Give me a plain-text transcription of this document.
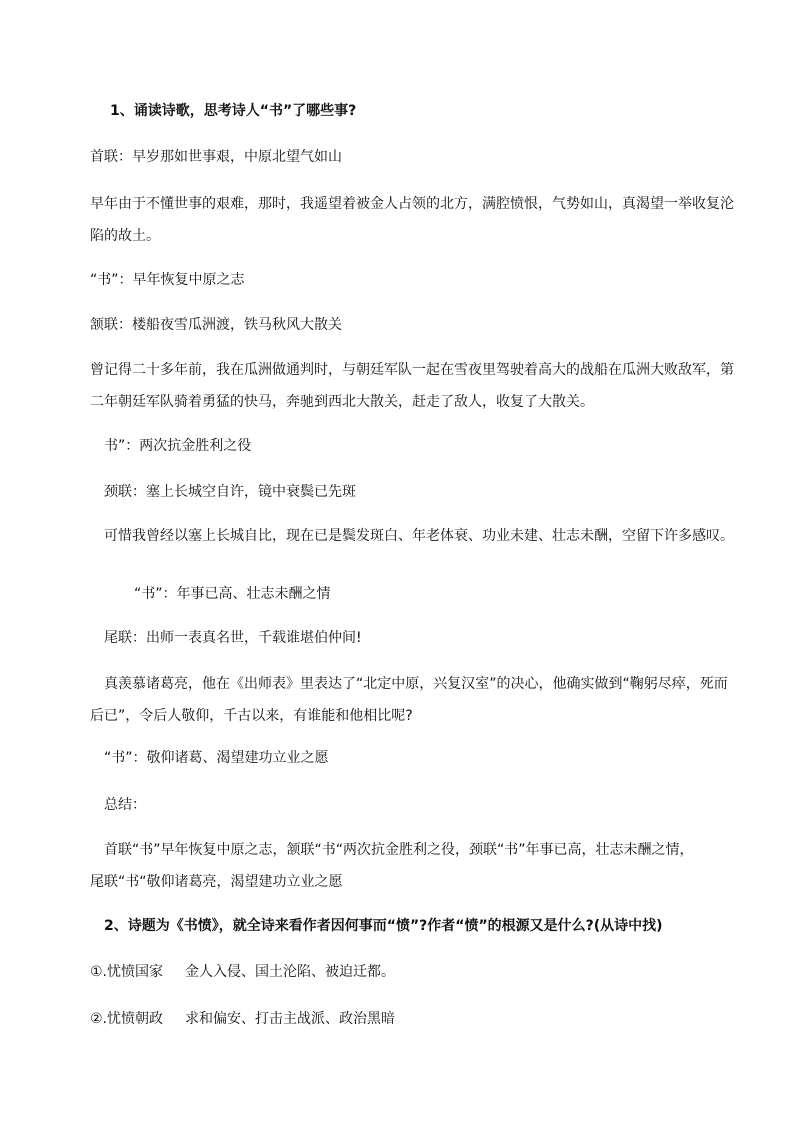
1、诵读诗歌，思考诗人“书”了哪些事?
首联：早岁那如世事艰，中原北望气如山
早年由于不懂世事的艰难，那时，我遥望着被金人占领的北方，满腔愤恨，气势如山，真渴望一举收复沦
陷的故土。
“书”：早年恢复中原之志
颔联：楼船夜雪瓜洲渡，铁马秋风大散关
曾记得二十多年前，我在瓜洲做通判时，与朝廷军队一起在雪夜里驾驶着高大的战船在瓜洲大败敌军，第
二年朝廷军队骑着勇猛的快马，奔驰到西北大散关，赶走了敌人，收复了大散关。
书”：两次抗金胜利之役
颈联：塞上长城空自许，镜中衰鬓已先斑
可惜我曾经以塞上长城自比，现在已是鬓发斑白、年老体衰、功业未建、壮志未酬，空留下许多感叹。
“书”：年事已高、壮志未酬之情
尾联：出师一表真名世，千载谁堪伯仲间!
真羡慕诸葛亮，他在《出师表》里表达了“北定中原，兴复汉室”的决心，他确实做到“鞠躬尽瘁，死而
后已”，令后人敬仰，千古以来，有谁能和他相比呢?
“书”：敬仰诸葛、渴望建功立业之愿
总结：
首联“书”早年恢复中原之志，颔联“书“两次抗金胜利之役，颈联“书”年事已高，壮志未酬之情，
尾联“书“敬仰诸葛亮，渴望建功立业之愿
2、诗题为《书愤》，就全诗来看作者因何事而“愤”?作者“愤”的根源又是什么?(从诗中找)
①.忧愤国家 金人入侵、国土沦陷、被迫迁都。
②.忧愤朝政 求和偏安、打击主战派、政治黑暗
